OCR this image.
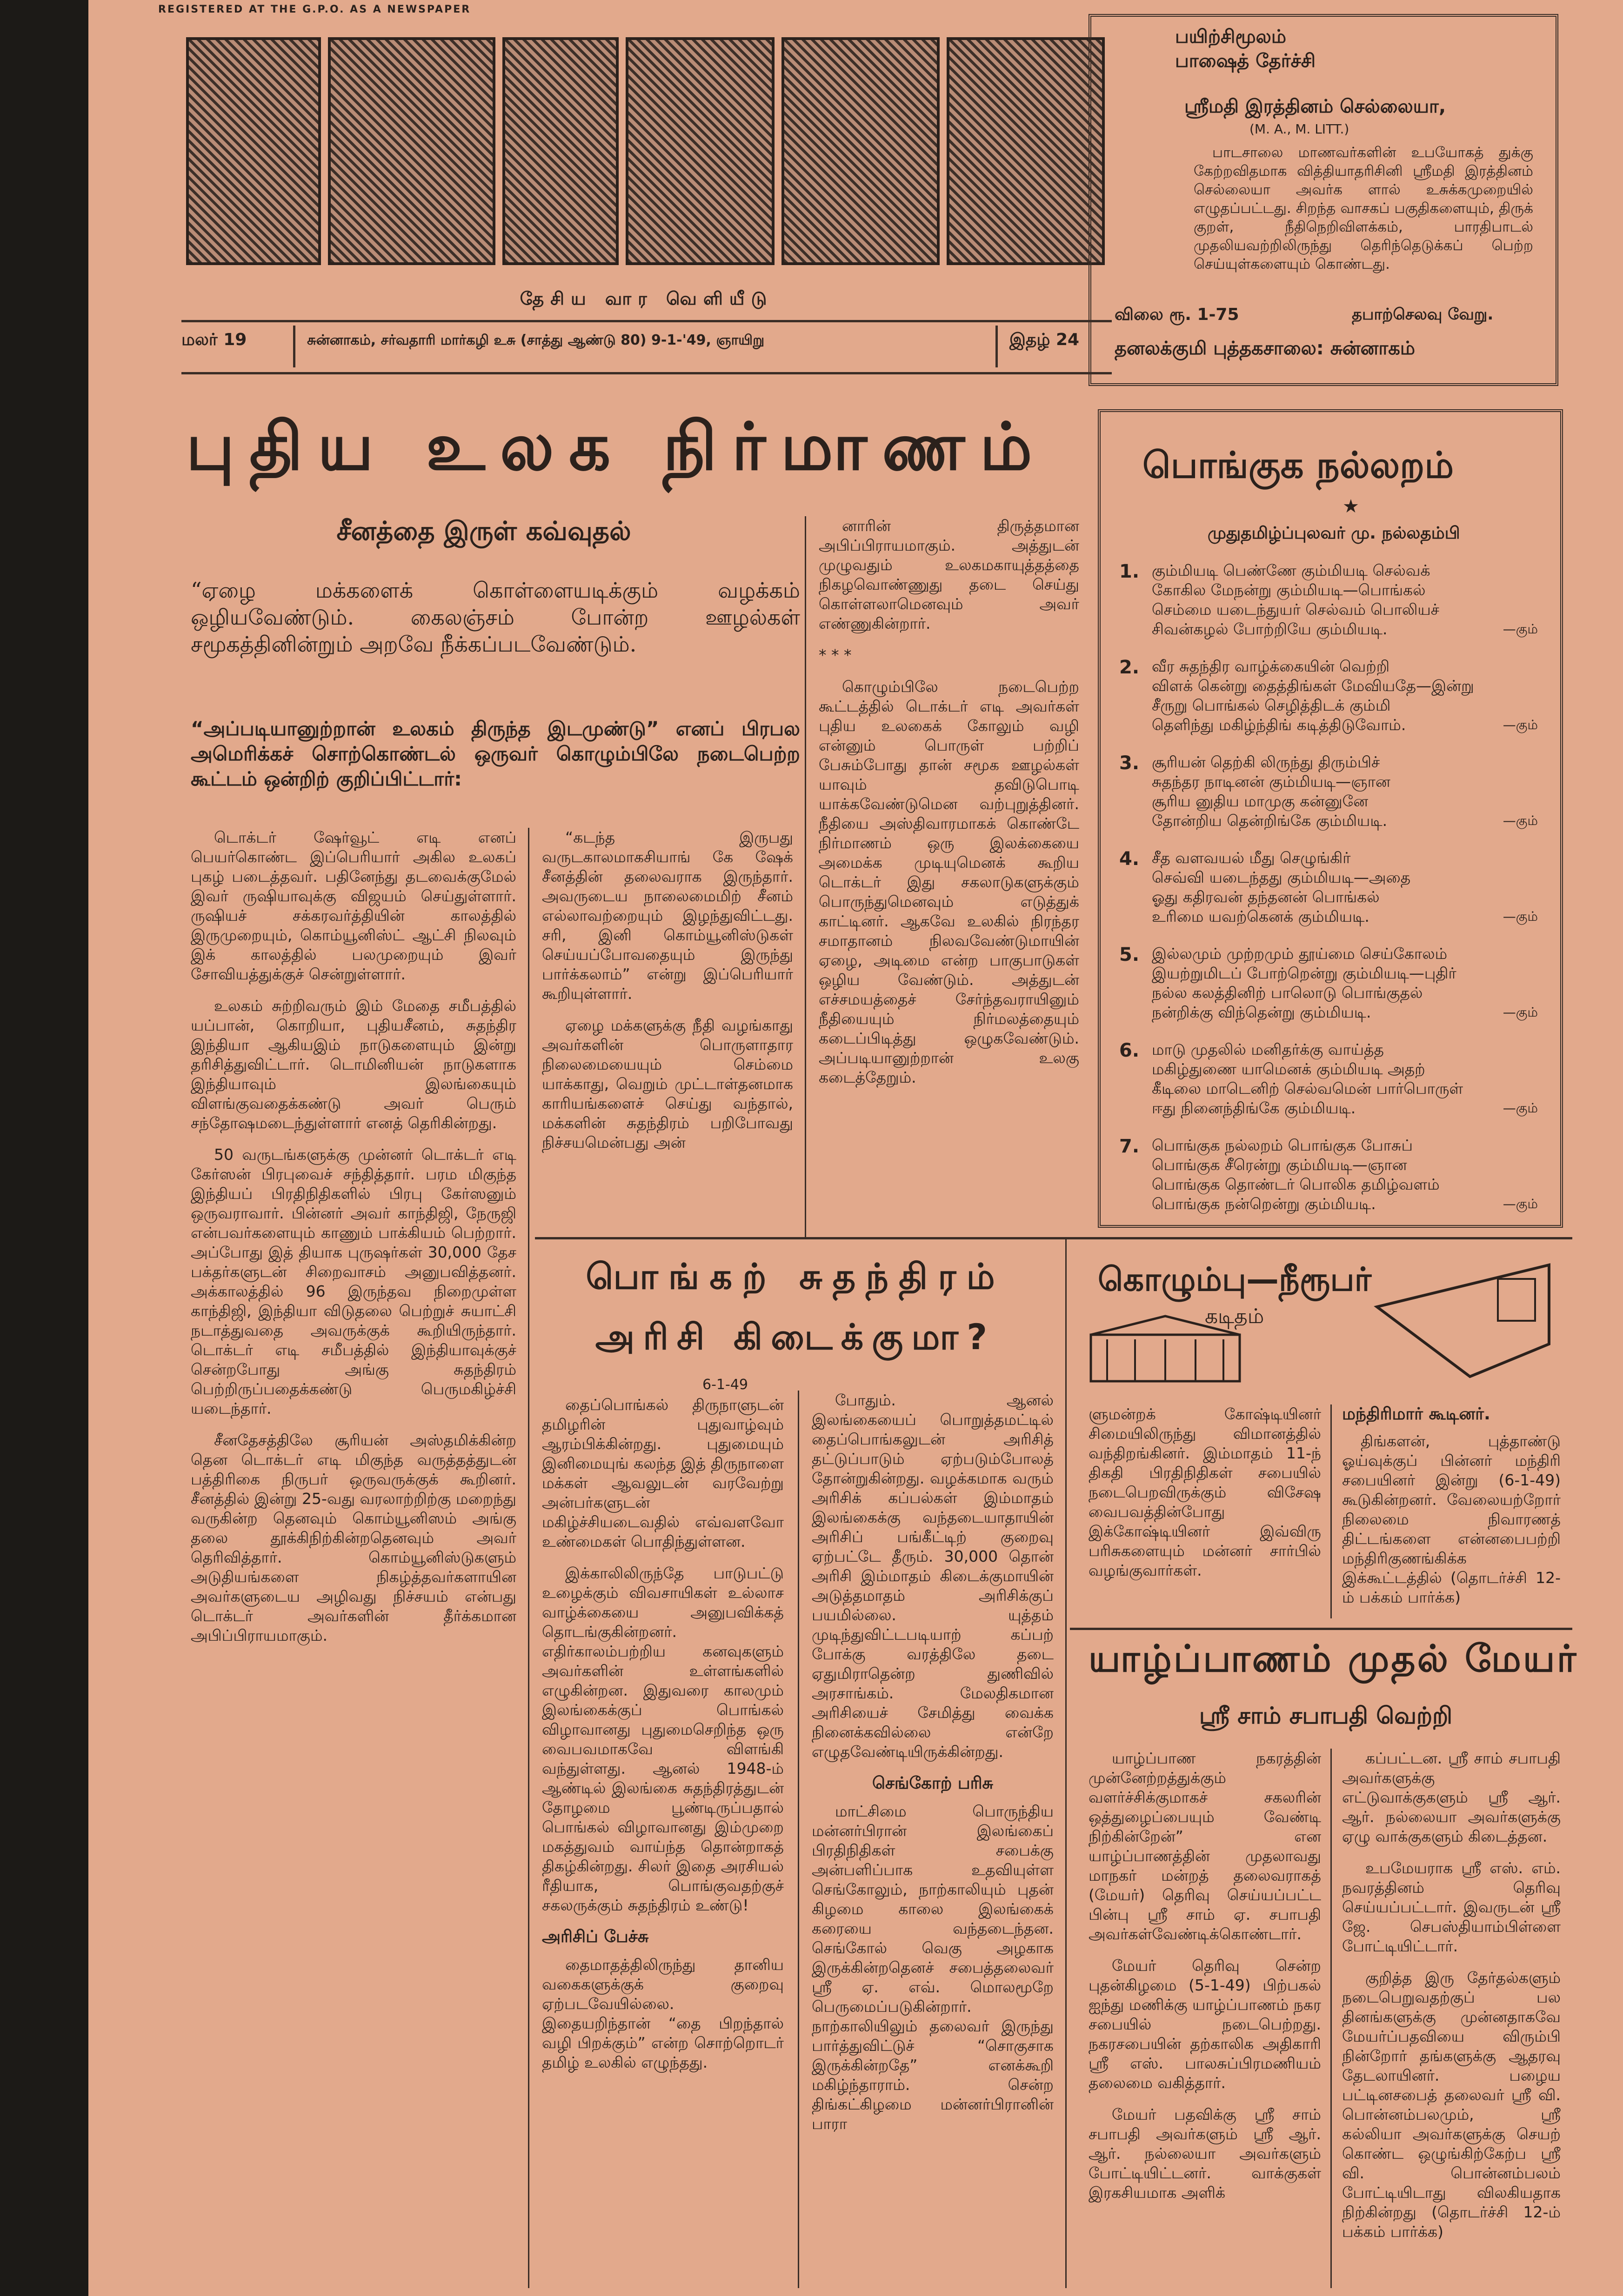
REGISTERED AT THE G.P.O. AS A NEWSPAPER
தேசிய வார வெளியீடு
மலர் 19	சுன்னாகம், சர்வதாரி மார்கழி உசு (சாத்து ஆண்டு 80) 9-1-'49, ஞாயிறு	இதழ் 24
பயிற்சிமூலம்
பாஷைத் தேர்ச்சி
ஸ்ரீமதி இரத்தினம் செல்லையா,
(M. A., M. LITT.)
பாடசாலை மாணவர்களின் உபயோகத் துக்கு கேற்றவிதமாக வித்தியாதரிசினி ஸ்ரீமதி இரத்தினம் செல்லையா அவர்க ளால் உசுக்கமுறையில் எழுதப்பட்டது. சிறந்த வாசகப் பகுதிகளையும், திருக் குறள், நீதிநெறிவிளக்கம், பாரதிபாடல் முதலியவற்றிலிருந்து தெரிந்தெடுக்கப் பெற்ற செய்யுள்களையும் கொண்டது.
விலை ரூ. 1-75	தபாற்செலவு வேறு.
தனலக்குமி புத்தகசாலை: சுன்னாகம்
புதிய உலக நிர்மாணம்
சீனத்தை இருள் கவ்வுதல்
“ஏழை மக்களைக் கொள்ளையடிக்கும் வழக்கம் ஒழியவேண்டும். கைலஞ்சம் போன்ற ஊழல்கள் சமூகத்தினின்றும் அறவே நீக்கப்படவேண்டும்.
“அப்படியானுற்றான் உலகம் திருந்த இடமுண்டு” எனப் பிரபல அமெரிக்கச் சொற்கொண்டல் ஒருவர் கொழும்பிலே நடைபெற்ற கூட்டம் ஒன்றிற் குறிப்பிட்டார்:

டொக்டர் ஷேர்வூட் எடி எனப் பெயர்கொண்ட இப்பெரியார் அகில உலகப் புகழ் படைத்தவர். பதினேந்து தடவைக்குமேல் இவர் ருஷியாவுக்கு விஜயம் செய்துள்ளார். ருஷியச் சக்கரவர்த்தியின் காலத்தில் இருமுறையும், கொம்யூனிஸ்ட் ஆட்சி நிலவும் இக் காலத்தில் பலமுறையும் இவர் சோவியத்துக்குச் சென்றுள்ளார்.

உலகம் சுற்றிவரும் இம் மேதை சமீபத்தில் யப்பான், கொறியா, புதியசீனம், சுதந்திர இந்தியா ஆகியஇம் நாடுகளையும் இன்று தரிசித்துவிட்டார். டொமினியன் நாடுகளாக இந்தியாவும் இலங்கையும் விளங்குவதைக்கண்டு அவர் பெரும் சந்தோஷமடைந்துள்ளார் எனத் தெரிகின்றது.

50 வருடங்களுக்கு முன்னர் டொக்டர் எடி கேர்ஸன் பிரபுவைச் சந்தித்தார். பரம மிகுந்த இந்தியப் பிரதிநிதிகளில் பிரபு கேர்ஸனும் ஒருவராவார். பின்னர் அவர் காந்திஜி, நேருஜி என்பவர்களையும் காணும் பாக்கியம் பெற்றார். அப்போது இத் தியாக புருஷர்கள் 30,000 தேச பக்தர்களுடன் சிறைவாசம் அனுபவித்தனர். அக்காலத்தில் 96 இருந்தவ நிறைமுள்ள காந்திஜி, இந்தியா விடுதலை பெற்றுச் சுயாட்சி நடாத்துவதை அவருக்குக் கூறியிருந்தார். டொக்டர் எடி சமீபத்தில் இந்தியாவுக்குச் சென்றபோது அங்கு சுதந்திரம் பெற்றிருப்பதைக்கண்டு பெருமகிழ்ச்சி யடைந்தார்.

சீனதேசத்திலே சூரியன் அஸ்தமிக்கின்ற தென டொக்டர் எடி மிகுந்த வருத்தத்துடன் பத்திரிகை நிருபர் ஒருவருக்குக் கூறினர். சீனத்தில் இன்று 25-வது வரலாற்றிற்கு மறைந்து வருகின்ற தெனவும் கொம்யூனிஸம் அங்கு தலை தூக்கிநிற்கின்றதெனவும் அவர் தெரிவித்தார். கொம்யூனிஸ்டுகளும் அடுதியங்களை நிகழ்த்தவர்களாயின அவர்களுடைய அழிவது நிச்சயம் என்பது டொக்டர் அவர்களின் தீர்க்கமான அபிப்பிராயமாகும்.

“கடந்த இருபது வருடகாலமாகசியாங் கே ஷேக் சீனத்தின் தலைவராக இருந்தார். அவருடைய நாலைமைமிற் சீனம் எல்லாவற்றையும் இழந்துவிட்டது. சரி, இனி கொம்யூனிஸ்டுகள் செய்யப்போவதையும் இருந்து பார்க்கலாம்” என்று இப்பெரியார் கூறியுள்ளார்.

ஏழை மக்களுக்கு நீதி வழங்காது அவர்களின் பொருளாதார நிலைமையையும் செம்மை யாக்காது, வெறும் முட்டாள்தனமாக காரியங்களைச் செய்து வந்தால், மக்களின் சுதந்திரம் பறிபோவது நிச்சயமென்பது அன்

னாரின் திருத்தமான அபிப்பிராயமாகும். அத்துடன் முழுவதும் உலகமகாயுத்தத்தை நிகழவொண்ணுது தடை செய்து கொள்ளலாமெனவும் அவர் எண்ணுகின்றார்.

* * *

கொழும்பிலே நடைபெற்ற கூட்டத்தில் டொக்டர் எடி அவர்கள் புதிய உலகைக் கோலும் வழி என்னும் பொருள் பற்றிப் பேசும்போது தான் சமூக ஊழல்கள் யாவும் தவிடுபொடி யாக்கவேண்டுமென வற்புறுத்தினர். நீதியை அஸ்திவாரமாகக் கொண்டே நிர்மாணம் ஒரு இலக்கையை அமைக்க முடியுமெனக் கூறிய டொக்டர் இது சகலாடுகளுக்கும் பொருந்துமெனவும் எடுத்துக் காட்டினர். ஆகவே உலகில் நிரந்தர சமாதானம் நிலவவேண்டுமாயின் ஏழை, அடிமை என்ற பாகுபாடுகள் ஒழிய வேண்டும். அத்துடன் எச்சமயத்தைச் சேர்ந்தவராயினும் நீதியையும் நிர்மலத்தையும் கடைப்பிடித்து ஒழுகவேண்டும். அப்படியானுற்றான் உலகு கடைத்தேறும்.

பொங்குக நல்லறம்
★
முதுதமிழ்ப்புலவர் மு. நல்லதம்பி
1. கும்மியடி பெண்ணே கும்மியடி செல்வக்
கோகில மேநன்று கும்மியடி—பொங்கல்
செம்மை யடைந்துயர் செல்வம் பொலியச்
சிவன்கழல் போற்றியே கும்மியடி.	—கும்
2. வீர சுதந்திர வாழ்க்கையின் வெற்றி
விளக் கென்று தைத்திங்கள் மேவியதே—இன்று
சீருறு பொங்கல் செழித்திடக் கும்மி
தெளிந்து மகிழ்ந்திங் கடித்திடுவோம்.	—கும்
3. சூரியன் தெற்கி லிருந்து திரும்பிச்
சுதந்தர நாடினன் கும்மியடி—ஞான
சூரிய னுதிய மாமுகு கன்னுனே
தோன்றிய தென்றிங்கே கும்மியடி.	—கும்
4. சீத வளவயல் மீது செழுங்கிர்
செவ்வி யடைந்தது கும்மியடி—அதை
ஓது கதிரவன் தந்தனன் பொங்கல்
உரிமை யவற்கெனக் கும்மியடி.	—கும்
5. இல்லமும் முற்றமும் தூய்மை செய்கோலம்
இயற்றுமிடப் போற்றென்று கும்மியடி—புதிர்
நல்ல கலத்தினிற் பாலொடு பொங்குதல்
நன்றிக்கு விந்தென்று கும்மியடி.	—கும்
6. மாடு முதலில் மனிதர்க்கு வாய்த்த
மகிழ்துணை யாமெனக் கும்மியடி அதற்
கீடிலை மாடெனிற் செல்வமென் பார்பொருள்
ஈது நினைந்திங்கே கும்மியடி.	—கும்
7. பொங்குக நல்லறம் பொங்குக போசுப்
பொங்குக சீரென்று கும்மியடி—ஞான
பொங்குக தொண்டர் பொலிக தமிழ்வளம்
பொங்குக நன்றென்று கும்மியடி.	—கும்
பொங்கற் சுதந்திரம்
அரிசி கிடைக்குமா?
6-1-49

தைப்பொங்கல் திருநாளுடன் தமிழரின் புதுவாழ்வும் ஆரம்பிக்கின்றது. புதுமையும் இனிமையுங் கலந்த இத் திருநாளை மக்கள் ஆவலுடன் வரவேற்று அன்பர்களுடன் மகிழ்ச்சியடைவதில் எவ்வளவோ உண்மைகள் பொதிந்துள்ளன.

இக்காலிலிருந்தே பாடுபட்டு உழைக்கும் விவசாயிகள் உல்லாச வாழ்க்கையை அனுபவிக்கத் தொடங்குகின்றனர். எதிர்காலம்பற்றிய கனவுகளும் அவர்களின் உள்ளங்களில் எழுகின்றன. இதுவரை காலமும் இலங்கைக்குப் பொங்கல் விழாவானது புதுமைசெறிந்த ஒரு வைபவமாகவே விளங்கி வந்துள்ளது. ஆனல் 1948-ம் ஆண்டில் இலங்கை சுதந்திரத்துடன் தோழமை பூண்டிருப்பதால் பொங்கல் விழாவானது இம்முறை மகத்துவம் வாய்ந்த தொன்றாகத் திகழ்கின்றது. சிலர் இதை அரசியல் ரீதியாக, பொங்குவதற்குச் சகலருக்கும் சுதந்திரம் உண்டு!

அரிசிப் பேச்சு

தைமாதத்திலிருந்து தானிய வகைகளுக்குக் குறைவு ஏற்படவேயில்லை. இதையறிந்தான் “தை பிறந்தால் வழி பிறக்கும்” என்ற சொற்றொடர் தமிழ் உலகில் எழுந்தது.

போதும். ஆனல் இலங்கையைப் பொறுத்தமட்டில் தைப்பொங்கலுடன் அரிசித் தட்டுப்பாடும் ஏற்படும்போலத் தோன்றுகின்றது. வழக்கமாக வரும் அரிசிக் கப்பல்கள் இம்மாதம் இலங்கைக்கு வந்தடையாதாயின் அரிசிப் பங்கீட்டிற் குறைவு ஏற்பட்டே தீரும். 30,000 தொன் அரிசி இம்மாதம் கிடைக்குமாயின் அடுத்தமாதம் அரிசிக்குப் பயமில்லை. யுத்தம் முடிந்துவிட்டபடியாற் கப்பற் போக்கு வரத்திலே தடை ஏதுமிராதென்ற துணிவில் அரசாங்கம். மேலதிகமான அரிசியைச் சேமித்து வைக்க நினைக்கவில்லை என்றே எழுதவேண்டியிருக்கின்றது.

செங்கோற் பரிசு

மாட்சிமை பொருந்திய மன்னர்பிரான் இலங்கைப் பிரதிநிதிகள் சபைக்கு அன்பளிப்பாக உதவியுள்ள செங்கோலும், நாற்காலியும் புதன் கிழமை காலை இலங்கைக் கரையை வந்தடைந்தன. செங்கோல் வெகு அழகாக இருக்கின்றதெனச் சபைத்தலைவர் ஸ்ரீ ஏ. எவ். மொலமூறே பெருமைப்படுகின்றார். நாற்காலியிலும் தலைவர் இருந்து பார்த்துவிட்டுச் “சொகுசாக இருக்கின்றதே” எனக்கூறி மகிழ்ந்தாராம். சென்ற திங்கட்கிழமை மன்னர்பிரானின் பாரா

கொழும்பு—நீரூபர்
கடிதம்
ளுமன்றக் கோஷ்டியினர் சிமையிலிருந்து விமானத்தில் வந்திறங்கினர். இம்மாதம் 11-ந் திகதி பிரதிநிதிகள் சபையில் நடைபெறவிருக்கும் விசேஷ வைபவத்தின்போது இக்கோஷ்டியினர் இவ்விரு பரிசுகளையும் மன்னர் சார்பில் வழங்குவார்கள்.
மந்திரிமார் கூடினர்.
திங்களன், புத்தாண்டு ஓய்வுக்குப் பின்னர் மந்திரி சபையினர் இன்று (6-1-49) கூடுகின்றனர். வேலையற்றோர் நிலைமை நிவாரணத் திட்டங்களை என்னபைபற்றி மந்திரிகுணங்கிக்க இக்கூட்டத்தில் (தொடர்ச்சி 12-ம் பக்கம் பார்க்க)
யாழ்ப்பாணம் முதல் மேயர்
ஸ்ரீ சாம் சபாபதி வெற்றி

யாழ்ப்பாண நகரத்தின் முன்னேற்றத்துக்கும் வளர்ச்சிக்குமாகச் சகலரின் ஒத்துழைப்பையும் வேண்டி நிற்கின்றேன்” என யாழ்ப்பாணத்தின் முதலாவது மாநகர் மன்றத் தலைவராகத் (மேயர்) தெரிவு செய்யப்பட்ட பின்பு ஸ்ரீ சாம் ஏ. சபாபதி அவர்கள்வேண்டிக்கொண்டார்.

மேயர் தெரிவு சென்ற புதன்கிழமை (5-1-49) பிற்பகல் ஐந்து மணிக்கு யாழ்ப்பாணம் நகர சபையில் நடைபெற்றது. நகரசபையின் தற்காலிக அதிகாரி ஸ்ரீ எஸ். பாலசுப்பிரமணியம் தலைமை வகித்தார்.

மேயர் பதவிக்கு ஸ்ரீ சாம் சபாபதி அவர்களும் ஸ்ரீ ஆர். ஆர். நல்லையா அவர்களும் போட்டியிட்டனர். வாக்குகள் இரகசியமாக அளிக்

கப்பட்டன. ஸ்ரீ சாம் சபாபதி அவர்களுக்கு எட்டுவாக்குகளும் ஸ்ரீ ஆர். ஆர். நல்லையா அவர்களுக்கு ஏழு வாக்குகளும் கிடைத்தன.

உபமேயராக ஸ்ரீ எஸ். எம். நவரத்தினம் தெரிவு செய்யப்பட்டார். இவருடன் ஸ்ரீ ஜே. செபஸ்தியாம்பிள்ளை போட்டியிட்டார்.

குறித்த இரு தேர்தல்களும் நடைபெறுவதற்குப் பல தினங்களுக்கு முன்னதாகவே மேயர்ப்பதவியை விரும்பி நின்றோர் தங்களுக்கு ஆதரவு தேடலாயினர். பழைய பட்டினசபைத் தலைவர் ஸ்ரீ வி. பொன்னம்பலமும், ஸ்ரீ கல்லியா அவர்களுக்கு செயற் கொண்ட ஒழுங்கிற்கேற்ப ஸ்ரீ வி. பொன்னம்பலம் போட்டியிடாது விலகியதாக நிற்கின்றது (தொடர்ச்சி 12-ம் பக்கம் பார்க்க)
